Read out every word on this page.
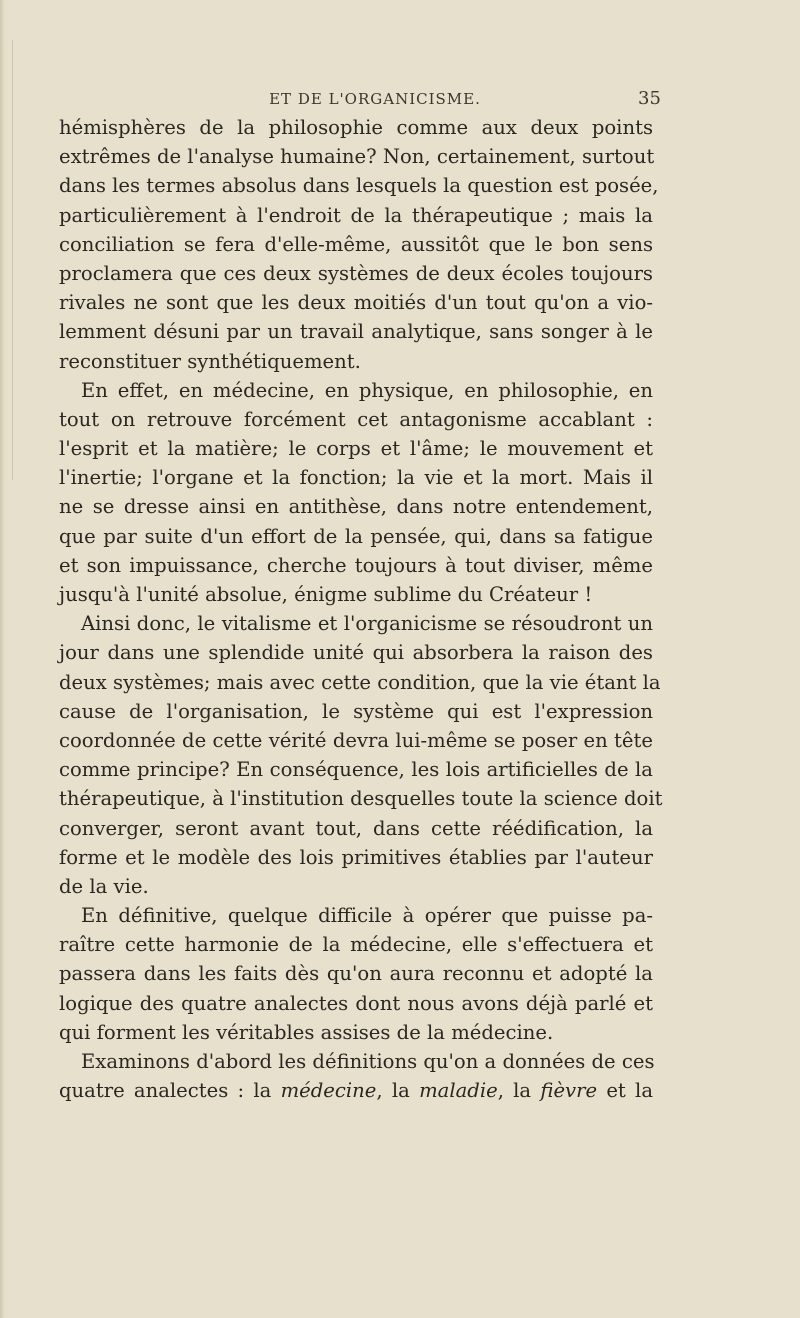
ET DE L'ORGANICISME.	35
hémisphères de la philosophie comme aux deux points
extrêmes de l'analyse humaine? Non, certainement, surtout
dans les termes absolus dans lesquels la question est posée,
particulièrement à l'endroit de la thérapeutique ; mais la
conciliation se fera d'elle-même, aussitôt que le bon sens
proclamera que ces deux systèmes de deux écoles toujours
rivales ne sont que les deux moitiés d'un tout qu'on a vio-
lemment désuni par un travail analytique, sans songer à le
reconstituer synthétiquement.
En effet, en médecine, en physique, en philosophie, en
tout on retrouve forcément cet antagonisme accablant :
l'esprit et la matière; le corps et l'âme; le mouvement et
l'inertie; l'organe et la fonction; la vie et la mort. Mais il
ne se dresse ainsi en antithèse, dans notre entendement,
que par suite d'un effort de la pensée, qui, dans sa fatigue
et son impuissance, cherche toujours à tout diviser, même
jusqu'à l'unité absolue, énigme sublime du Créateur !
Ainsi donc, le vitalisme et l'organicisme se résoudront un
jour dans une splendide unité qui absorbera la raison des
deux systèmes; mais avec cette condition, que la vie étant la
cause de l'organisation, le système qui est l'expression
coordonnée de cette vérité devra lui-même se poser en tête
comme principe? En conséquence, les lois artificielles de la
thérapeutique, à l'institution desquelles toute la science doit
converger, seront avant tout, dans cette réédification, la
forme et le modèle des lois primitives établies par l'auteur
de la vie.
En définitive, quelque difficile à opérer que puisse pa-
raître cette harmonie de la médecine, elle s'effectuera et
passera dans les faits dès qu'on aura reconnu et adopté la
logique des quatre analectes dont nous avons déjà parlé et
qui forment les véritables assises de la médecine.
Examinons d'abord les définitions qu'on a données de ces
quatre analectes : la médecine, la maladie, la fièvre et la
